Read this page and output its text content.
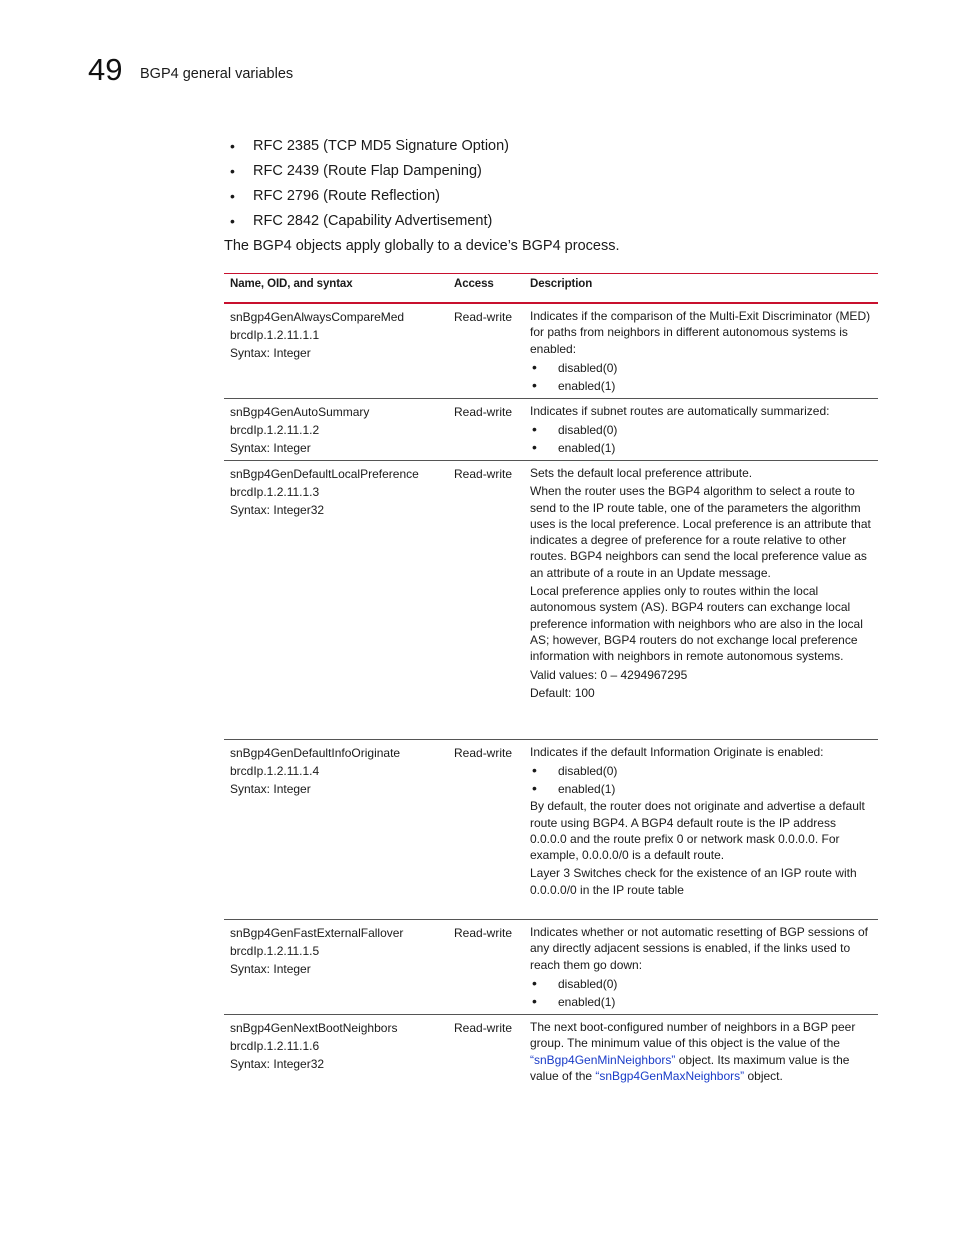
49 BGP4 general variables
• RFC 2385 (TCP MD5 Signature Option)
• RFC 2439 (Route Flap Dampening)
• RFC 2796 (Route Reflection)
• RFC 2842 (Capability Advertisement)
The BGP4 objects apply globally to a device’s BGP4 process.
Name, OID, and syntax	Access	Description
snBgp4GenAlwaysCompareMed
brcdIp.1.2.11.1.1
Syntax: Integer
Read-write Indicates if the comparison of the Multi-Exit Discriminator (MED) for paths from neighbors in different autonomous systems is enabled:

• disabled(0)
• enabled(1)
snBgp4GenAutoSummary
brcdIp.1.2.11.1.2
Syntax: Integer
Read-write Indicates if subnet routes are automatically summarized:

• disabled(0)
• enabled(1)
snBgp4GenDefaultLocalPreference
brcdIp.1.2.11.1.3
Syntax: Integer32
Read-write Sets the default local preference attribute.

When the router uses the BGP4 algorithm to select a route to send to the IP route table, one of the parameters the algorithm uses is the local preference. Local preference is an attribute that indicates a degree of preference for a route relative to other routes. BGP4 neighbors can send the local preference value as an attribute of a route in an Update message.

Local preference applies only to routes within the local autonomous system (AS). BGP4 routers can exchange local preference information with neighbors who are also in the local AS; however, BGP4 routers do not exchange local preference information with neighbors in remote autonomous systems.

Valid values: 0 – 4294967295

Default: 100

snBgp4GenDefaultInfoOriginate
brcdIp.1.2.11.1.4
Syntax: Integer
Read-write Indicates if the default Information Originate is enabled:

• disabled(0)
• enabled(1)

By default, the router does not originate and advertise a default route using BGP4. A BGP4 default route is the IP address 0.0.0.0 and the route prefix 0 or network mask 0.0.0.0. For example, 0.0.0.0/0 is a default route.

Layer 3 Switches check for the existence of an IGP route with 0.0.0.0/0 in the IP route table

snBgp4GenFastExternalFallover
brcdIp.1.2.11.1.5
Syntax: Integer
Read-write Indicates whether or not automatic resetting of BGP sessions of any directly adjacent sessions is enabled, if the links used to reach them go down:

• disabled(0)
• enabled(1)
snBgp4GenNextBootNeighbors
brcdIp.1.2.11.1.6
Syntax: Integer32
Read-write The next boot-configured number of neighbors in a BGP peer group. The minimum value of this object is the value of the “snBgp4GenMinNeighbors” object. Its maximum value is the value of the “snBgp4GenMaxNeighbors” object.
